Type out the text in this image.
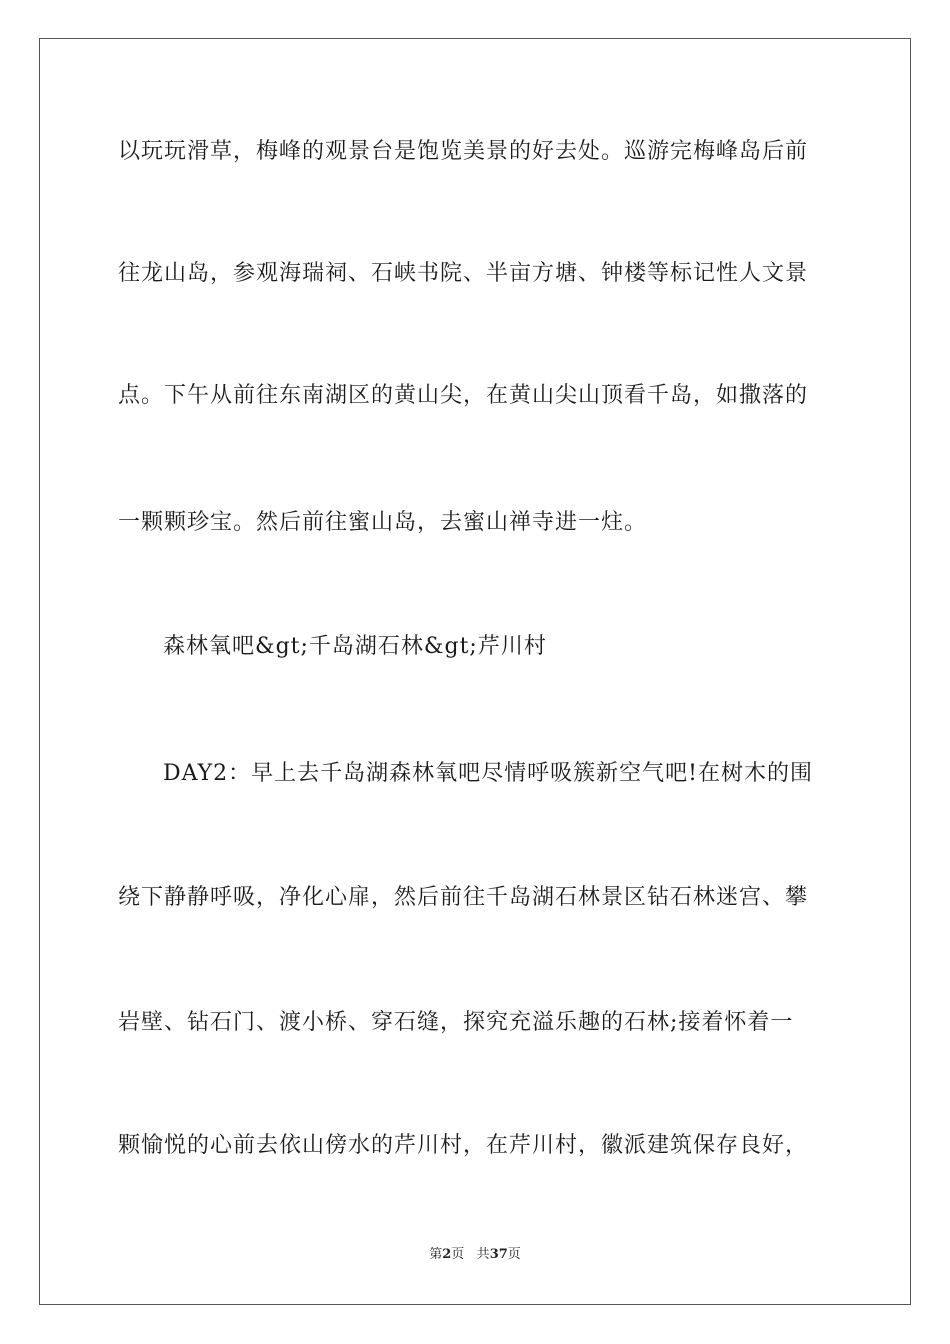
以玩玩滑草，梅峰的观景台是饱览美景的好去处。巡游完梅峰岛后前
往龙山岛，参观海瑞祠、石峡书院、半亩方塘、钟楼等标记性人文景
点。下午从前往东南湖区的黄山尖，在黄山尖山顶看千岛，如撒落的
一颗颗珍宝。然后前往蜜山岛，去蜜山禅寺进一炷。
森林氧吧&gt;千岛湖石林&gt;芹川村
DAY2：早上去千岛湖森林氧吧尽情呼吸簇新空气吧!在树木的围
绕下静静呼吸，净化心扉，然后前往千岛湖石林景区钻石林迷宫、攀
岩壁、钻石门、渡小桥、穿石缝，探究充溢乐趣的石林;接着怀着一
颗愉悦的心前去依山傍水的芹川村，在芹川村，徽派建筑保存良好，
第2页 共37页
